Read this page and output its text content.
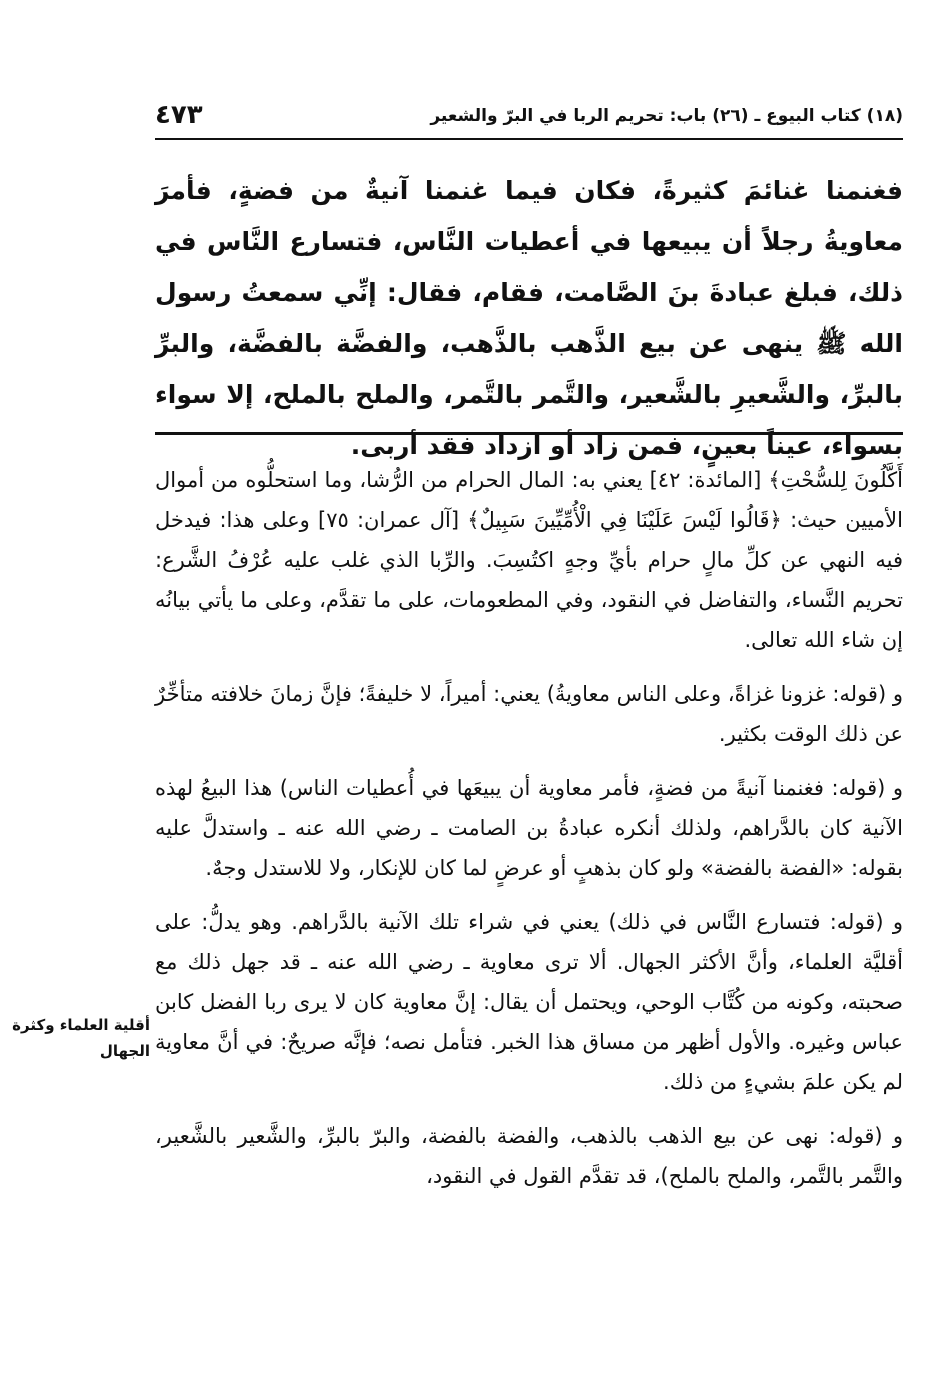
٤٧٣	(١٨) كتاب البيوع ـ (٢٦) باب: تحريم الربا في البرّ والشعير

فغنمنا غنائمَ كثيرةً، فكان فيما غنمنا آنيةٌ من فضةٍ، فأمرَ معاويةُ رجلاً أن يبيعها في أعطيات النَّاس، فتسارع النَّاس في ذلك، فبلغ عبادةَ بنَ الصَّامت، فقام، فقال: إنِّي سمعتُ رسول الله ﷺ ينهى عن بيع الذَّهب بالذَّهب، والفضَّة بالفضَّة، والبرِّ بالبرِّ، والشَّعيرِ بالشَّعير، والتَّمر بالتَّمر، والملح بالملح، إلا سواء بسواء، عيناً بعينٍ، فمن زاد أو ازداد فقد أربى.

أَكَّلُونَ لِلسُّحْتِ﴾ [المائدة: ٤٢] يعني به: المال الحرام من الرُّشا، وما استحلُّوه من أموال الأميين حيث: ﴿قَالُوا لَيْسَ عَلَيْنَا فِي الْأُمِّيِّينَ سَبِيلٌ﴾ [آل عمران: ٧٥] وعلى هذا: فيدخل فيه النهي عن كلِّ مالٍ حرام بأيِّ وجهٍ اكتُسِبَ. والرِّبا الذي غلب عليه عُرْفُ الشَّرع: تحريم النَّساء، والتفاضل في النقود، وفي المطعومات، على ما تقدَّم، وعلى ما يأتي بيانُه إن شاء الله تعالى.

و (قوله: غزونا غزاةً، وعلى الناس معاويةُ) يعني: أميراً، لا خليفةً؛ فإنَّ زمانَ خلافته متأخِّرٌ عن ذلك الوقت بكثير.

و (قوله: فغنمنا آنيةً من فضةٍ، فأمر معاوية أن يبيعَها في أُعطيات الناس) هذا البيعُ لهذه الآنية كان بالدَّراهم، ولذلك أنكره عبادةُ بن الصامت ـ رضي الله عنه ـ واستدلَّ عليه بقوله: «الفضة بالفضة» ولو كان بذهبٍ أو عرضٍ لما كان للإنكار، ولا للاستدل وجهٌ.

و (قوله: فتسارع النَّاس في ذلك) يعني في شراء تلك الآنية بالدَّراهم. وهو يدلُّ: على أقليَّة العلماء، وأنَّ الأكثر الجهال. ألا ترى معاوية ـ رضي الله عنه ـ قد جهل ذلك مع صحبته، وكونه من كُتَّاب الوحي، ويحتمل أن يقال: إنَّ معاوية كان لا يرى ربا الفضل كابن عباس وغيره. والأول أظهر من مساق هذا الخبر. فتأمل نصه؛ فإنَّه صريحٌ: في أنَّ معاوية لم يكن علمَ بشيءٍ من ذلك.

و (قوله: نهى عن بيع الذهب بالذهب، والفضة بالفضة، والبرّ بالبرِّ، والشَّعير بالشَّعير، والتَّمر بالتَّمر، والملح بالملح)، قد تقدَّم القول في النقود،

أقلية العلماء وكثرة الجهال
